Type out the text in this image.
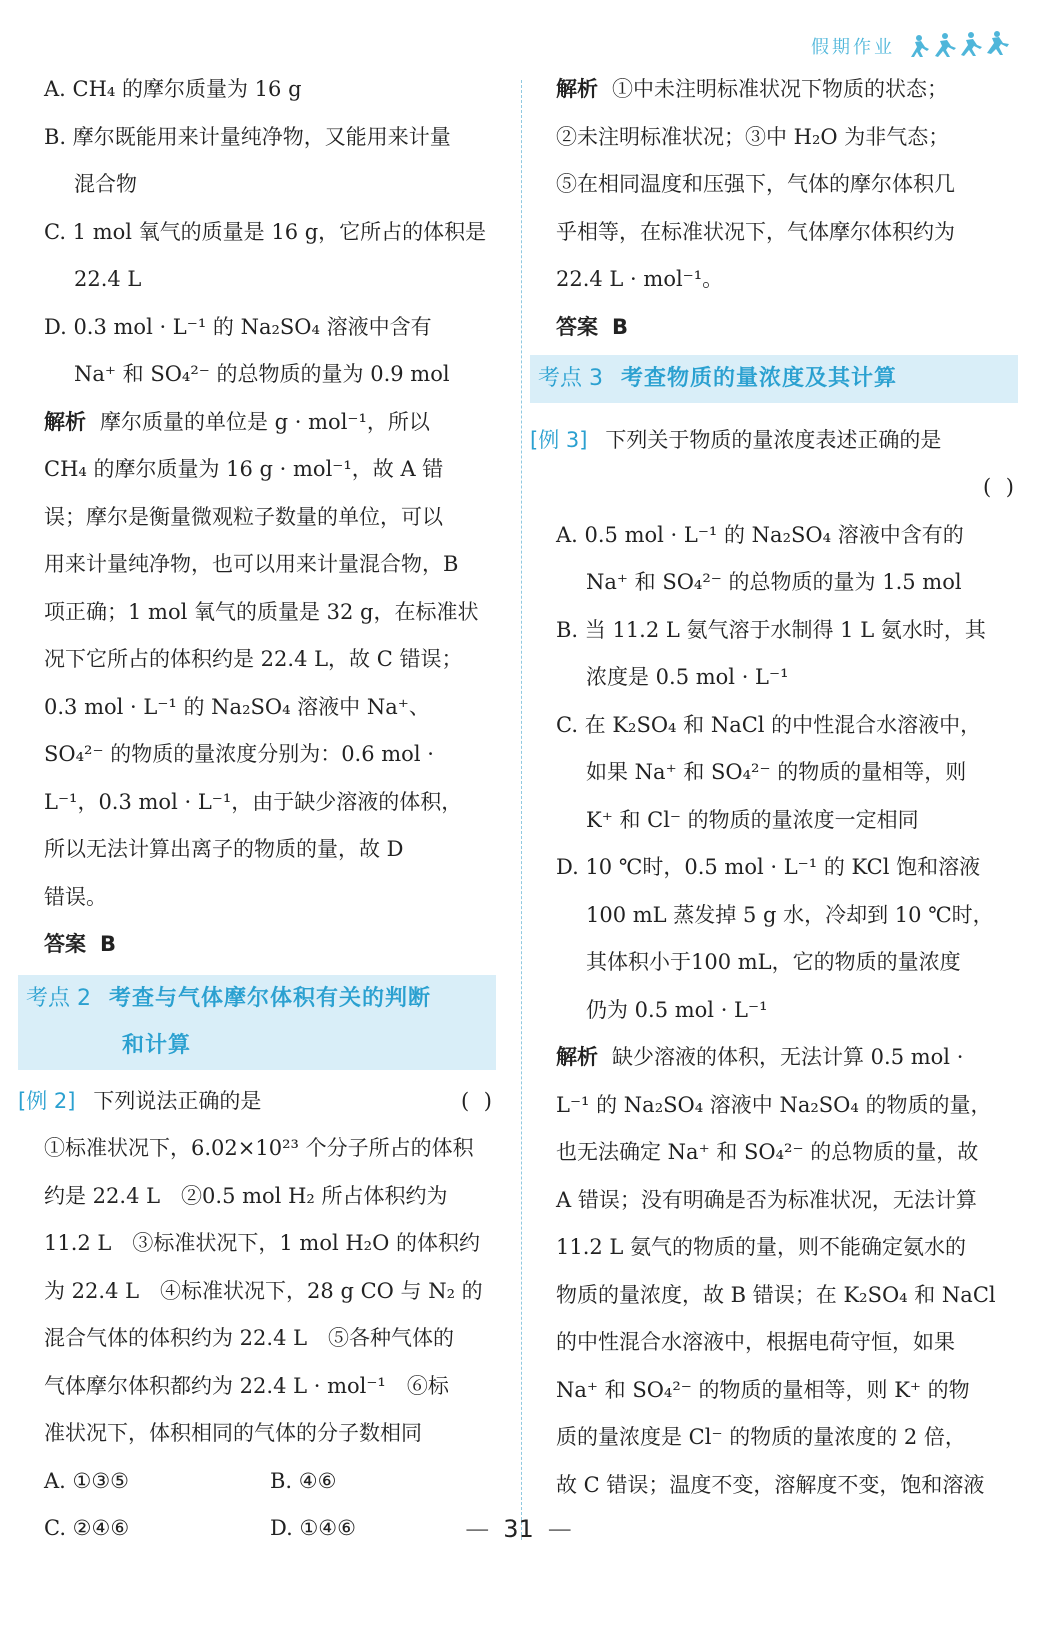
假期作业
A. CH₄ 的摩尔质量为 16 g
B. 摩尔既能用来计量纯净物，又能用来计量
混合物
C. 1 mol 氧气的质量是 16 g，它所占的体积是
22.4 L
D. 0.3 mol · L⁻¹ 的 Na₂SO₄ 溶液中含有
Na⁺ 和 SO₄²⁻ 的总物质的量为 0.9 mol
解析 摩尔质量的单位是 g · mol⁻¹，所以
CH₄ 的摩尔质量为 16 g · mol⁻¹，故 A 错
误；摩尔是衡量微观粒子数量的单位，可以
用来计量纯净物，也可以用来计量混合物，B
项正确；1 mol 氧气的质量是 32 g，在标准状
况下它所占的体积约是 22.4 L，故 C 错误；
0.3 mol · L⁻¹ 的 Na₂SO₄ 溶液中 Na⁺、
SO₄²⁻ 的物质的量浓度分别为：0.6 mol ·
L⁻¹，0.3 mol · L⁻¹，由于缺少溶液的体积，
所以无法计算出离子的物质的量，故 D
错误。
答案 B
考点 2 考查与气体摩尔体积有关的判断
和计算
[例 2] 下列说法正确的是	( )
①标准状况下，6.02×10²³ 个分子所占的体积
约是 22.4 L　②0.5 mol H₂ 所占体积约为
11.2 L　③标准状况下，1 mol H₂O 的体积约
为 22.4 L　④标准状况下，28 g CO 与 N₂ 的
混合气体的体积约为 22.4 L　⑤各种气体的
气体摩尔体积都约为 22.4 L · mol⁻¹　⑥标
准状况下，体积相同的气体的分子数相同
A. ①③⑤	B. ④⑥
C. ②④⑥	D. ①④⑥
解析 ①中未注明标准状况下物质的状态；
②未注明标准状况；③中 H₂O 为非气态；
⑤在相同温度和压强下，气体的摩尔体积几
乎相等，在标准状况下，气体摩尔体积约为
22.4 L · mol⁻¹。
答案 B
考点 3 考查物质的量浓度及其计算
[例 3] 下列关于物质的量浓度表述正确的是
( )
A. 0.5 mol · L⁻¹ 的 Na₂SO₄ 溶液中含有的
Na⁺ 和 SO₄²⁻ 的总物质的量为 1.5 mol
B. 当 11.2 L 氨气溶于水制得 1 L 氨水时，其
浓度是 0.5 mol · L⁻¹
C. 在 K₂SO₄ 和 NaCl 的中性混合水溶液中，
如果 Na⁺ 和 SO₄²⁻ 的物质的量相等，则
K⁺ 和 Cl⁻ 的物质的量浓度一定相同
D. 10 ℃时，0.5 mol · L⁻¹ 的 KCl 饱和溶液
100 mL 蒸发掉 5 g 水，冷却到 10 ℃时，
其体积小于100 mL，它的物质的量浓度
仍为 0.5 mol · L⁻¹
解析 缺少溶液的体积，无法计算 0.5 mol ·
L⁻¹ 的 Na₂SO₄ 溶液中 Na₂SO₄ 的物质的量，
也无法确定 Na⁺ 和 SO₄²⁻ 的总物质的量，故
A 错误；没有明确是否为标准状况，无法计算
11.2 L 氨气的物质的量，则不能确定氨水的
物质的量浓度，故 B 错误；在 K₂SO₄ 和 NaCl
的中性混合水溶液中，根据电荷守恒，如果
Na⁺ 和 SO₄²⁻ 的物质的量相等，则 K⁺ 的物
质的量浓度是 Cl⁻ 的物质的量浓度的 2 倍，
故 C 错误；温度不变，溶解度不变，饱和溶液
— 31 —
